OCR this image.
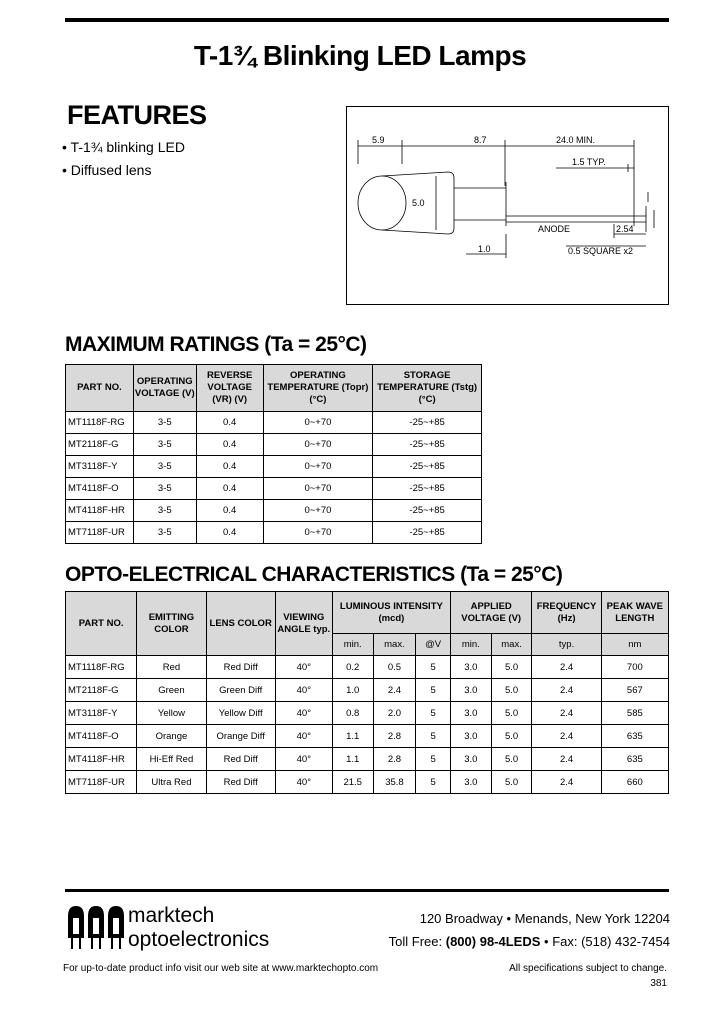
T-1¾ Blinking LED Lamps
FEATURES
• T-1¾ blinking LED
• Diffused lens
5.9	8.7	24.0 MIN.
1.5 TYP.
5.0
1.0
ANODE	2.54
0.5 SQUARE x2
MAXIMUM RATINGS (Ta = 25°C)
PART NO.	OPERATING VOLTAGE (V)	REVERSE VOLTAGE (VR) (V)	OPERATING TEMPERATURE (Topr) (°C)	STORAGE TEMPERATURE (Tstg) (°C)
MT1118F-RG	3-5	0.4	0~+70	-25~+85
MT2118F-G	3-5	0.4	0~+70	-25~+85
MT3118F-Y	3-5	0.4	0~+70	-25~+85
MT4118F-O	3-5	0.4	0~+70	-25~+85
MT4118F-HR	3-5	0.4	0~+70	-25~+85
MT7118F-UR	3-5	0.4	0~+70	-25~+85
OPTO-ELECTRICAL CHARACTERISTICS (Ta = 25°C)
PART NO.	EMITTING COLOR	LENS COLOR	VIEWING ANGLE typ.	LUMINOUS INTENSITY (mcd)			APPLIED VOLTAGE (V)		FREQUENCY (Hz)	PEAK WAVE LENGTH
				min.	max.	@V	min.	max.	typ.	nm
MT1118F-RG	Red	Red Diff	40°	0.2	0.5	5	3.0	5.0	2.4	700
MT2118F-G	Green	Green Diff	40°	1.0	2.4	5	3.0	5.0	2.4	567
MT3118F-Y	Yellow	Yellow Diff	40°	0.8	2.0	5	3.0	5.0	2.4	585
MT4118F-O	Orange	Orange Diff	40°	1.1	2.8	5	3.0	5.0	2.4	635
MT4118F-HR	Hi-Eff Red	Red Diff	40°	1.1	2.8	5	3.0	5.0	2.4	635
MT7118F-UR	Ultra Red	Red Diff	40°	21.5	35.8	5	3.0	5.0	2.4	660
marktech
optoelectronics
120 Broadway • Menands, New York 12204
Toll Free: (800) 98-4LEDS • Fax: (518) 432-7454
For up-to-date product info visit our web site at www.marktechopto.com	All specifications subject to change.
381
